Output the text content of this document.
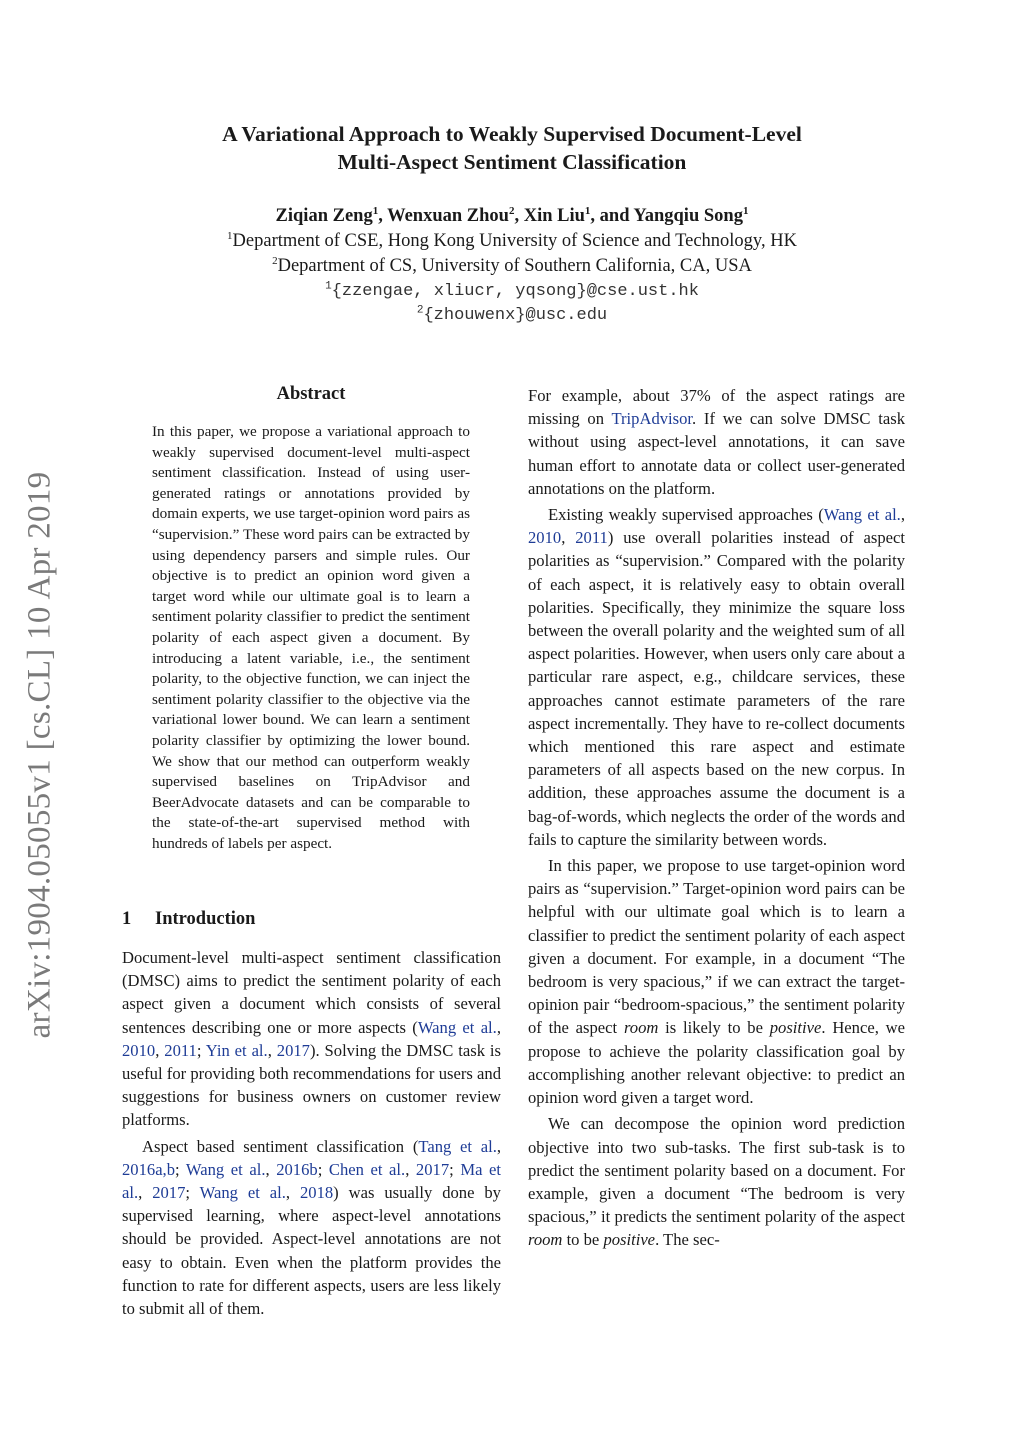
arXiv:1904.05055v1 [cs.CL] 10 Apr 2019
A Variational Approach to Weakly Supervised Document-Level
Multi-Aspect Sentiment Classification
Ziqian Zeng$^1$, Wenxuan Zhou$^2$, Xin Liu$^1$, and Yangqiu Song$^1$
$^1$Department of CSE, Hong Kong University of Science and Technology, HK
$^2$Department of CS, University of Southern California, CA, USA
$^1${zzengae, xliucr, yqsong}@cse.ust.hk
$^2${zhouwenx}@usc.edu
Abstract

In this paper, we propose a variational approach to weakly supervised document-level multi-aspect sentiment classification. Instead of using user-generated ratings or annotations provided by domain experts, we use target-opinion word pairs as “supervision.” These word pairs can be extracted by using dependency parsers and simple rules. Our objective is to predict an opinion word given a target word while our ultimate goal is to learn a sentiment polarity classifier to predict the sentiment polarity of each aspect given a document. By introducing a latent variable, i.e., the sentiment polarity, to the objective function, we can inject the sentiment polarity classifier to the objective via the variational lower bound. We can learn a sentiment polarity classifier by optimizing the lower bound. We show that our method can outperform weakly supervised baselines on TripAdvisor and BeerAdvocate datasets and can be comparable to the state-of-the-art supervised method with hundreds of labels per aspect.

1 Introduction

Document-level multi-aspect sentiment classification (DMSC) aims to predict the sentiment polarity of each aspect given a document which consists of several sentences describing one or more aspects (Wang et al., 2010, 2011; Yin et al., 2017). Solving the DMSC task is useful for providing both recommendations for users and suggestions for business owners on customer review platforms.

Aspect based sentiment classification (Tang et al., 2016a,b; Wang et al., 2016b; Chen et al., 2017; Ma et al., 2017; Wang et al., 2018) was usually done by supervised learning, where aspect-level annotations should be provided. Aspect-level annotations are not easy to obtain. Even when the platform provides the function to rate for different aspects, users are less likely to submit all of them.

For example, about 37% of the aspect ratings are missing on TripAdvisor. If we can solve DMSC task without using aspect-level annotations, it can save human effort to annotate data or collect user-generated annotations on the platform.

Existing weakly supervised approaches (Wang et al., 2010, 2011) use overall polarities instead of aspect polarities as “supervision.” Compared with the polarity of each aspect, it is relatively easy to obtain overall polarities. Specifically, they minimize the square loss between the overall polarity and the weighted sum of all aspect polarities. However, when users only care about a particular rare aspect, e.g., childcare services, these approaches cannot estimate parameters of the rare aspect incrementally. They have to re-collect documents which mentioned this rare aspect and estimate parameters of all aspects based on the new corpus. In addition, these approaches assume the document is a bag-of-words, which neglects the order of the words and fails to capture the similarity between words.

In this paper, we propose to use target-opinion word pairs as “supervision.” Target-opinion word pairs can be helpful with our ultimate goal which is to learn a classifier to predict the sentiment polarity of each aspect given a document. For example, in a document “The bedroom is very spacious,” if we can extract the target-opinion pair “bedroom-spacious,” the sentiment polarity of the aspect room is likely to be positive. Hence, we propose to achieve the polarity classification goal by accomplishing another relevant objective: to predict an opinion word given a target word.

We can decompose the opinion word prediction objective into two sub-tasks. The first sub-task is to predict the sentiment polarity based on a document. For example, given a document “The bedroom is very spacious,” it predicts the sentiment polarity of the aspect room to be positive. The sec-
